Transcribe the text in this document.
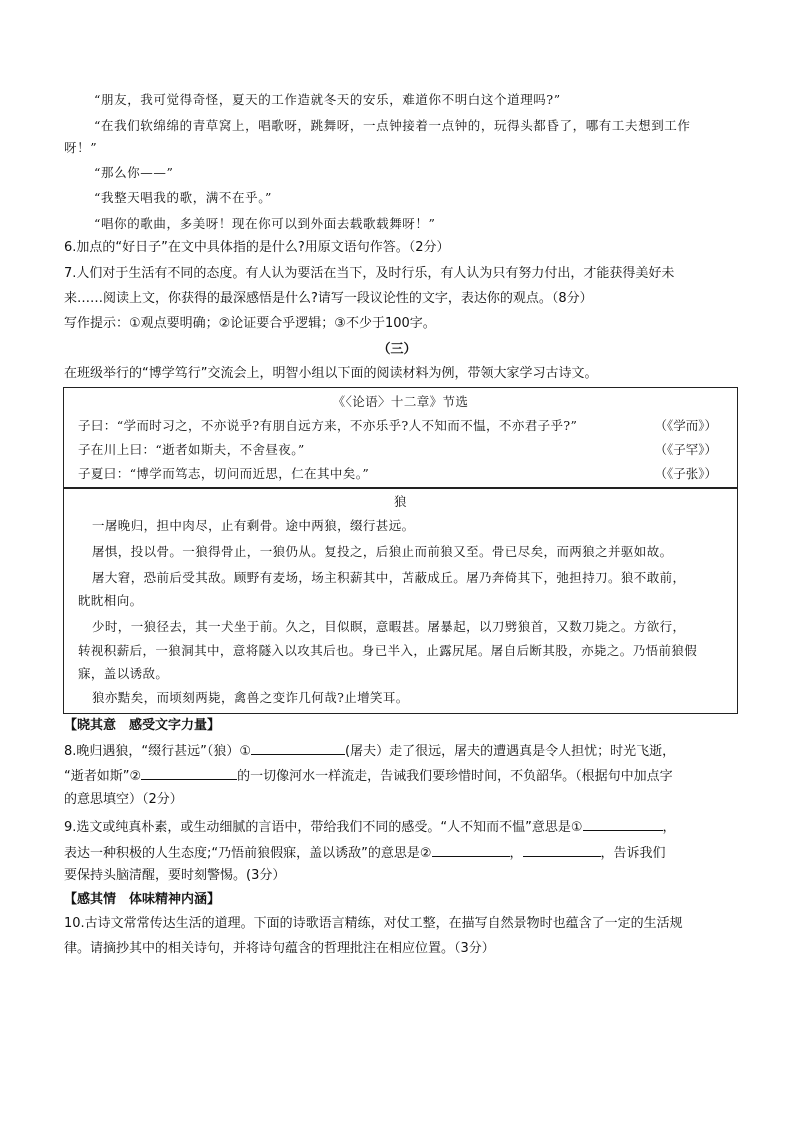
“朋友，我可觉得奇怪，夏天的工作造就冬天的安乐，难道你不明白这个道理吗?”
“在我们软绵绵的青草窝上，唱歌呀，跳舞呀，一点钟接着一点钟的，玩得头都昏了，哪有工夫想到工作
呀！”
“那么你——”
“我整天唱我的歌，满不在乎。”
“唱你的歌曲，多美呀！现在你可以到外面去载歌载舞呀！”
6.加点的“好日子”在文中具体指的是什么?用原文语句作答。（2分）
7.人们对于生活有不同的态度。有人认为要活在当下，及时行乐，有人认为只有努力付出，才能获得美好未
来……阅读上文，你获得的最深感悟是什么?请写一段议论性的文字，表达你的观点。（8分）
写作提示：①观点要明确；②论证要合乎逻辑；③不少于100字。
（三）
在班级举行的“博学笃行”交流会上，明智小组以下面的阅读材料为例，带领大家学习古诗文。
《〈论语〉十二章》节选
子曰：“学而时习之，不亦说乎?有朋自远方来，不亦乐乎?人不知而不愠，不亦君子乎?”	（《学而》）
子在川上曰：“逝者如斯夫，不舍昼夜。”	（《子罕》）
子夏曰：“博学而笃志，切问而近思，仁在其中矣。”	（《子张》）
狼
一屠晚归，担中肉尽，止有剩骨。途中两狼，缀行甚远。
屠惧，投以骨。一狼得骨止，一狼仍从。复投之，后狼止而前狼又至。骨已尽矣，而两狼之并驱如故。
屠大窘，恐前后受其敌。顾野有麦场，场主积薪其中，苫蔽成丘。屠乃奔倚其下，弛担持刀。狼不敢前，
眈眈相向。
少时，一狼径去，其一犬坐于前。久之，目似瞑，意暇甚。屠暴起，以刀劈狼首，又数刀毙之。方欲行，
转视积薪后，一狼洞其中，意将隧入以攻其后也。身已半入，止露尻尾。屠自后断其股，亦毙之。乃悟前狼假
寐，盖以诱敌。
狼亦黠矣，而顷刻两毙，禽兽之变诈几何哉?止增笑耳。
【晓其意　感受文字力量】
8.晚归遇狼，“缀行甚远”（狼）①	(屠夫）走了很远，屠夫的遭遇真是令人担忧；时光飞逝，
“逝者如斯”②	的一切像河水一样流走，告诫我们要珍惜时间，不负韶华。（根据句中加点字
的意思填空）（2分）
9.选文或纯真朴素，或生动细腻的言语中，带给我们不同的感受。“人不知而不愠”意思是①	，
表达一种积极的人生态度;“乃悟前狼假寐，盖以诱敌”的意思是②	，	，告诉我们
要保持头脑清醒，要时刻警惕。(3分）
【感其情　体味精神内涵】
10.古诗文常常传达生活的道理。下面的诗歌语言精练，对仗工整，在描写自然景物时也蕴含了一定的生活规
律。请摘抄其中的相关诗句，并将诗句蕴含的哲理批注在相应位置。（3分）
